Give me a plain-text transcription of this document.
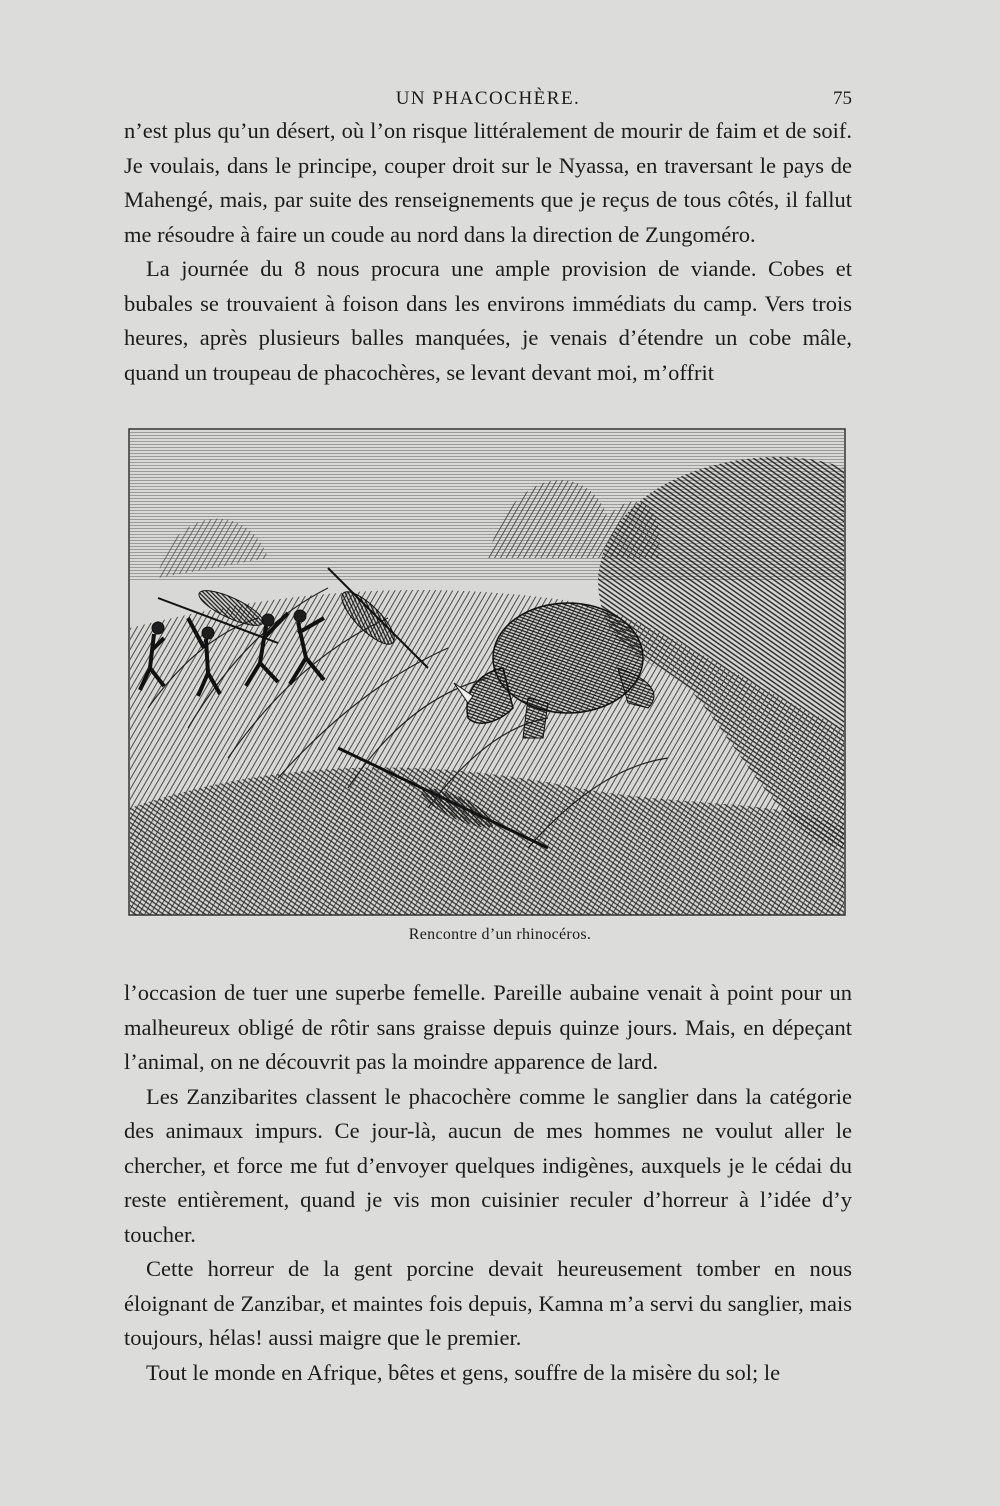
UN PHACOCHÈRE.	75

n’est plus qu’un désert, où l’on risque littéralement de mourir de faim et de soif. Je voulais, dans le principe, couper droit sur le Nyassa, en traversant le pays de Mahengé, mais, par suite des renseignements que je reçus de tous côtés, il fallut me résoudre à faire un coude au nord dans la direction de Zungoméro.

La journée du 8 nous procura une ample provision de viande. Cobes et bubales se trouvaient à foison dans les environs immédiats du camp. Vers trois heures, après plusieurs balles manquées, je venais d’étendre un cobe mâle, quand un troupeau de phacochères, se levant devant moi, m’offrit

Rencontre d’un rhinocéros.

l’occasion de tuer une superbe femelle. Pareille aubaine venait à point pour un malheureux obligé de rôtir sans graisse depuis quinze jours. Mais, en dépeçant l’animal, on ne découvrit pas la moindre apparence de lard.

Les Zanzibarites classent le phacochère comme le sanglier dans la catégorie des animaux impurs. Ce jour-là, aucun de mes hommes ne voulut aller le chercher, et force me fut d’envoyer quelques indigènes, auxquels je le cédai du reste entièrement, quand je vis mon cuisinier reculer d’horreur à l’idée d’y toucher.

Cette horreur de la gent porcine devait heureusement tomber en nous éloignant de Zanzibar, et maintes fois depuis, Kamna m’a servi du sanglier, mais toujours, hélas! aussi maigre que le premier.

Tout le monde en Afrique, bêtes et gens, souffre de la misère du sol; le
